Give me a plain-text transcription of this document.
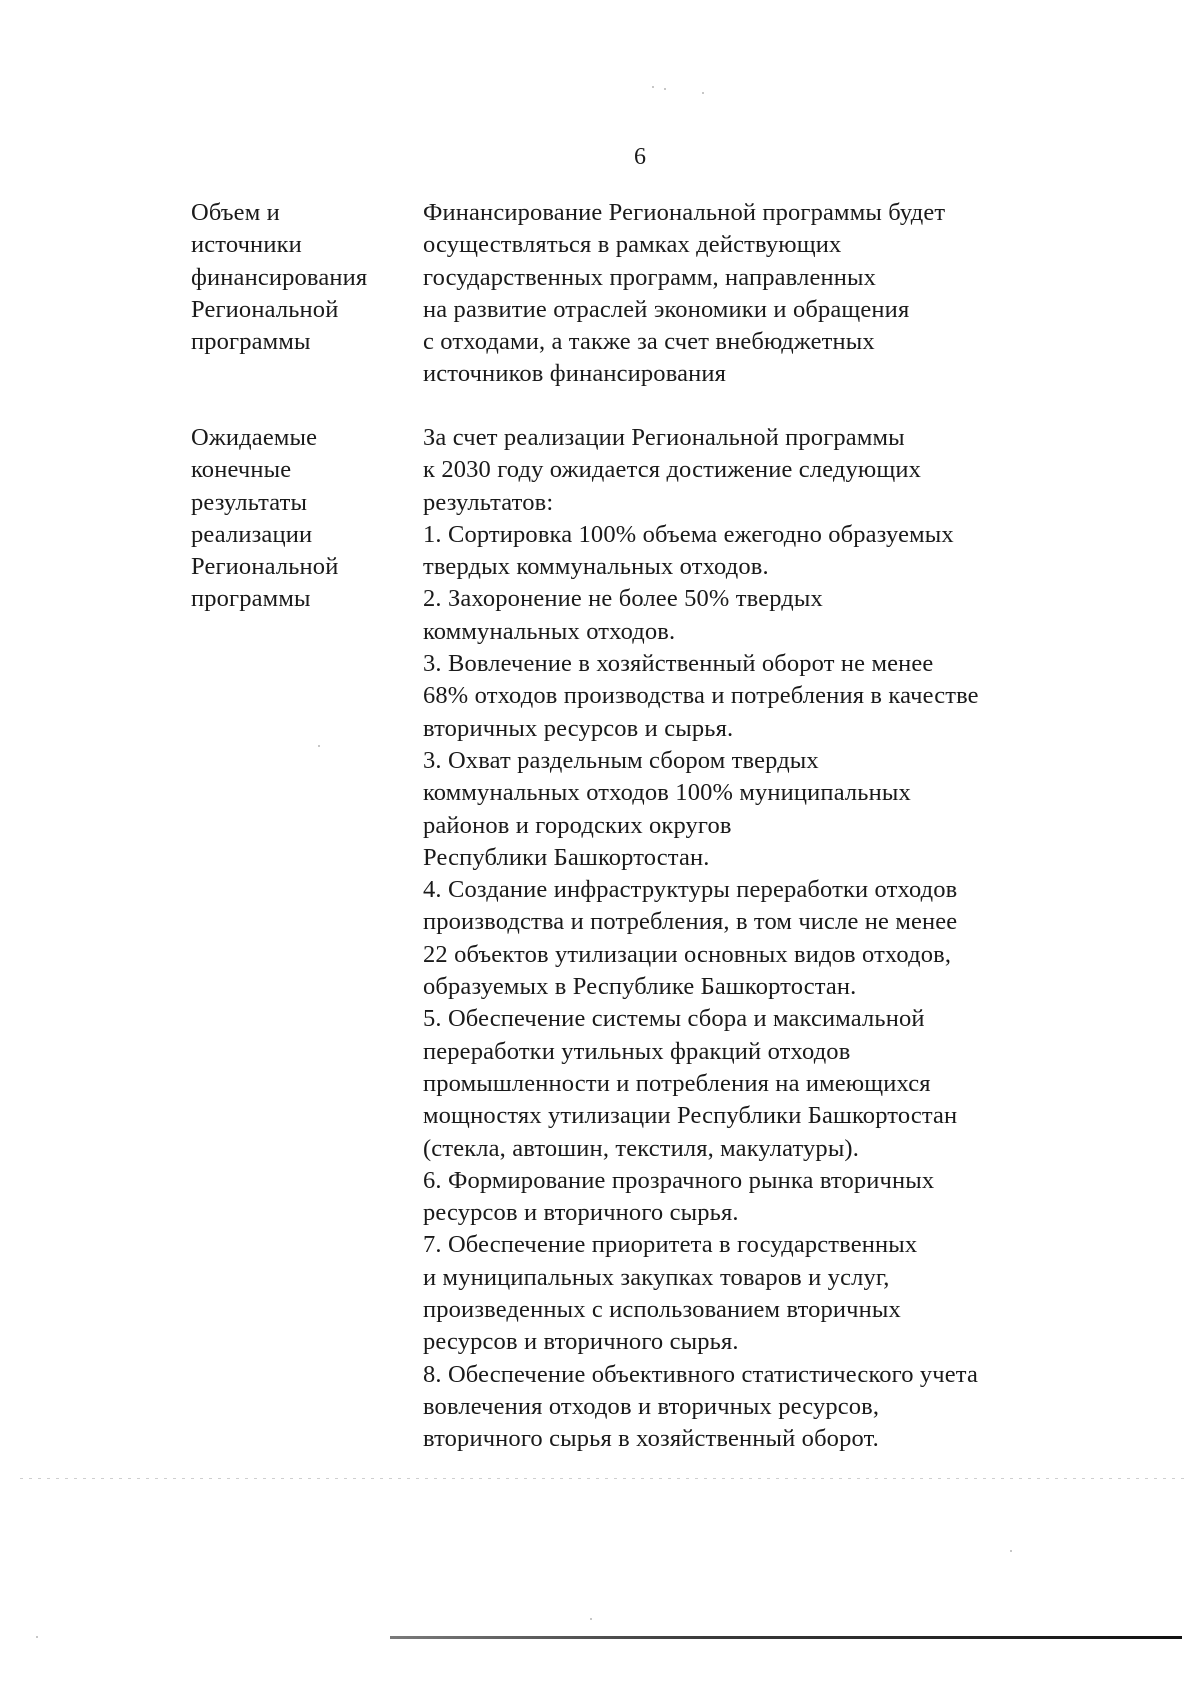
6
Объем и
источники
финансирования
Региональной
программы
Финансирование Региональной программы будет
осуществляться в рамках действующих
государственных программ, направленных
на развитие отраслей экономики и обращения
с отходами, а также за счет внебюджетных
источников финансирования
Ожидаемые
конечные
результаты
реализации
Региональной
программы
За счет реализации Региональной программы
к 2030 году ожидается достижение следующих
результатов:
1. Сортировка 100% объема ежегодно образуемых
твердых коммунальных отходов.
2. Захоронение не более 50% твердых
коммунальных отходов.
3. Вовлечение в хозяйственный оборот не менее
68% отходов производства и потребления в качестве
вторичных ресурсов и сырья.
3. Охват раздельным сбором твердых
коммунальных отходов 100% муниципальных
районов и городских округов
Республики Башкортостан.
4. Создание инфраструктуры переработки отходов
производства и потребления, в том числе не менее
22 объектов утилизации основных видов отходов,
образуемых в Республике Башкортостан.
5. Обеспечение системы сбора и максимальной
переработки утильных фракций отходов
промышленности и потребления на имеющихся
мощностях утилизации Республики Башкортостан
(стекла, автошин, текстиля, макулатуры).
6. Формирование прозрачного рынка вторичных
ресурсов и вторичного сырья.
7. Обеспечение приоритета в государственных
и муниципальных закупках товаров и услуг,
произведенных с использованием вторичных
ресурсов и вторичного сырья.
8. Обеспечение объективного статистического учета
вовлечения отходов и вторичных ресурсов,
вторичного сырья в хозяйственный оборот.
